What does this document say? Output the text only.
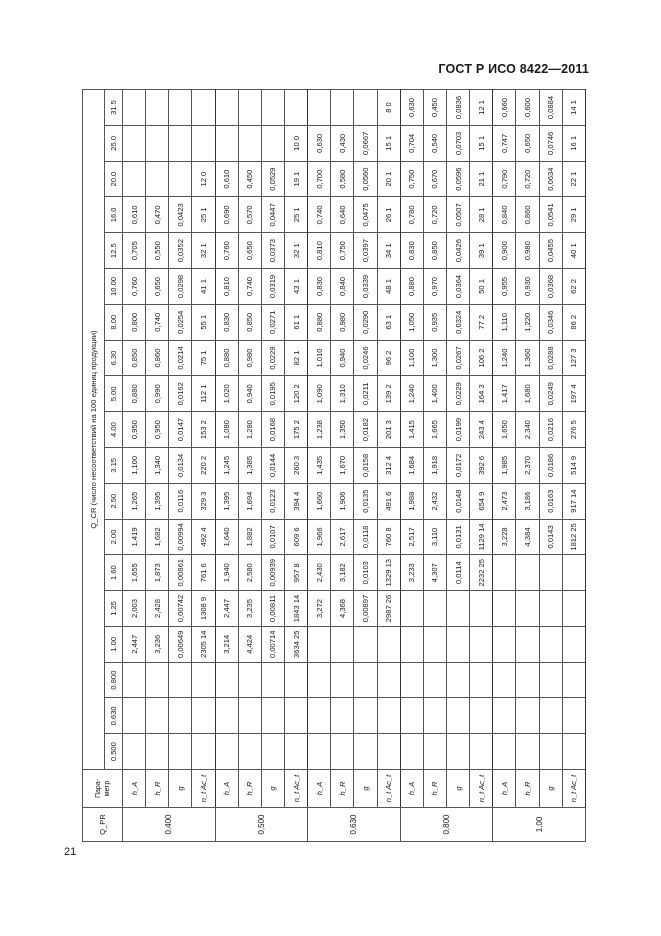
ГОСТ Р ИСО 8422—2011
21
Q_PR	Пара-
метр	Q_CR (число несоответствий на 100 единиц продукции)																		
		0.500	0.630	0.800	1.00	1.25	1.60	2.00	2.50	3.15	4.00	5.00	6.30	8.00	10.00	12.5	16.0	20.0	25.0	31.5
0,400	h_A				2,447	2,003	1,655	1,419	1,265	1,100	0,950	0,880	0,850	0,800	0,760	0,705	0,610			
	h_R				3,236	2,428	1,873	1,682	1,395	1,340	0,950	0,990	0,860	0,740	0,650	0,550	0,470			
	g				0,00649	0,00742	0,00861	0,00994	0,0116	0,0134	0,0147	0,0162	0,0214	0,0254	0,0298	0,0352	0,0423			
	n_t Ac_t				2305 14	1308 9	761 6	492 4	329 3	220 2	153 2	112 1	75 1	55 1	41 1	32 1	25 1	12 0		
0,500	h_A				3,214	2,447	1,940	1,640	1,395	1,245	1,080	1,020	0,880	0,830	0,810	0,760	0,690	0,610		
	h_R				4,424	3,235	2,580	1,882	1,694	1,385	1,280	0,940	0,980	0,850	0,740	0,650	0,570	0,450		
	g				0,00714	0,00811	0,00939	0,0107	0,0123	0,0144	0,0168	0,0195	0,0229	0,0271	0,0319	0,0373	0,0447	0,0529		
	n_t Ac_t				3634 25	1843 14	957 8	609 6	394 4	260 3	175 2	120 2	82 1	61 1	43 1	32 1	25 1	19 1	10 0	
0,630	h_A					3,272	2,430	1,966	1,660	1,435	1,238	1,090	1,010	0,880	0,830	0,810	0,740	0,700	0,630	
	h_R					4,368	3,182	2,617	1,906	1,670	1,350	1,310	0,940	0,980	0,840	0,750	0,640	0,580	0,430	
	g					0,00897	0,0103	0,0118	0,0135	0,0158	0,0182	0,0211	0,0246	0,0290	0,0339	0,0397	0,0475	0,0560	0,0667	
	n_t Ac_t					2987 26	1329 13	760 8	491 6	312 4	201 3	139 2	96 2	63 1	48 1	34 1	26 1	20 1	15 1	8 0
0,800	h_A						3,233	2,517	1,988	1,684	1,415	1,240	1,100	1,050	0,880	0,830	0,780	0,750	0,704	0,630
	h_R						4,307	3,110	2,432	1,918	1,665	1,400	1,300	0,935	0,970	0,850	0,720	0,670	0,540	0,450
	g						0,0114	0,0131	0,0148	0,0172	0,0199	0,0229	0,0267	0,0324	0,0364	0,0426	0,0507	0,0596	0,0703	0,0836
	n_t Ac_t						2232 25	1129 14	654 9	392 6	243 4	164 3	106 2	77 2	50 1	39 1	28 1	21 1	15 1	12 1
1,00	h_A							3,228	2,473	1,985	1,650	1,417	1,240	1,110	0,955	0,900	0,840	0,790	0,747	0,660
	h_R							4,384	3,186	2,370	2,340	1,680	1,360	1,220	0,930	0,980	0,860	0,720	0,650	0,600
	g							0,0143	0,0163	0,0186	0,0216	0,0249	0,0288	0,0346	0,0368	0,0455	0,0541	0,0634	0,0746	0,0884
	n_t Ac_t							1812 25	917 14	514 9	276 5	197 4	127 3	86 2	62 2	40 1	29 1	22 1	16 1	14 1
